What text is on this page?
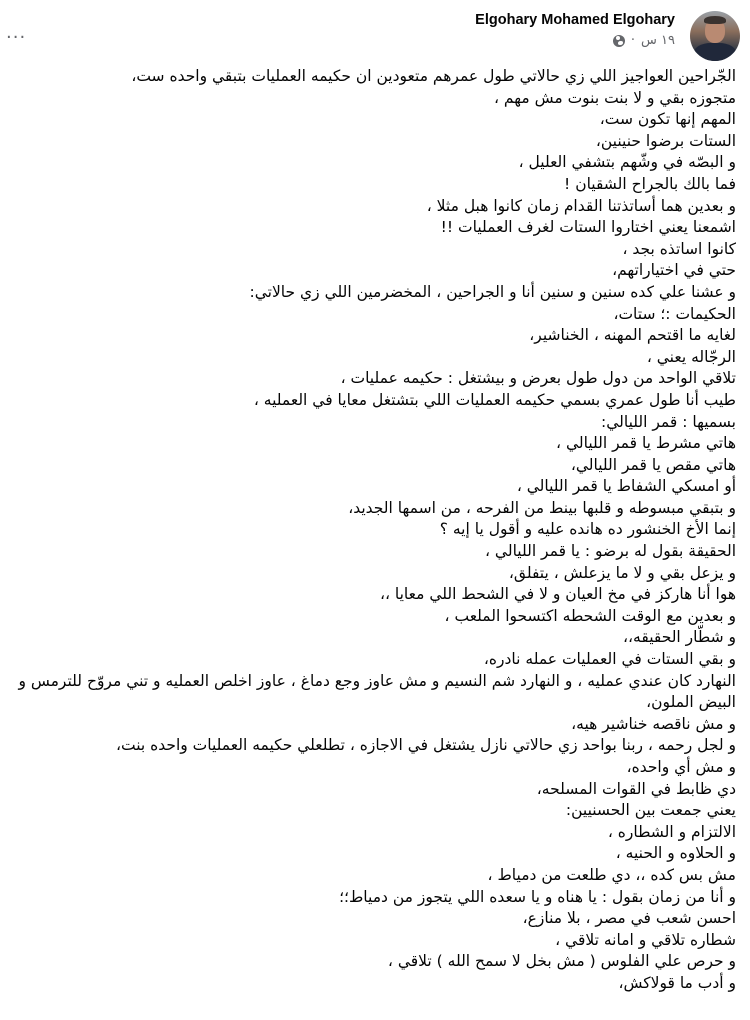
···
Elgohary Mohamed Elgohary
١٩ س
·
الجّراحين العواجيز اللي زي حالاتي طول عمرهم متعودين ان حكيمه العمليات بتبقي واحده ست،
متجوزه بقي و لا بنت بنوت مش مهم ،
المهم إنها تكون ست،
الستات برضوا حنينين،
و البصّه في وشّهم بتشفي العليل ،
فما بالك بالجراح الشقيان !
و بعدين هما أساتذتنا القدام زمان كانوا هبل مثلا ،
اشمعنا يعني اختاروا الستات لغرف العمليات !!
كانوا اساتذه بجد ،
حتي في اختياراتهم،
و عشنا علي كده سنين و سنين أنا و الجراحين ، المخضرمين اللي زي حالاتي:
الحكيمات :؛ ستات،
لغايه ما اقتحم المهنه ، الخناشير،
الرجّاله يعني ،
تلاقي الواحد من دول طول بعرض و بيشتغل : حكيمه عمليات ،
طيب أنا طول عمري بسمي حكيمه العمليات اللي بتشتغل معايا في العمليه ،
بسميها : قمر الليالي:
هاتي مشرط يا قمر الليالي ،
هاتي مقص يا قمر الليالي،
أو امسكي الشفاط يا قمر الليالي ،
و بتبقي مبسوطه و قلبها بينط من الفرحه ، من اسمها الجديد،
إنما الأخ الخنشور ده هانده عليه و أقول يا إيه ؟
الحقيقة بقول له برضو : يا قمر الليالي ،
و يزعل بقي و لا ما يزعلش ، يتفلق،
هوا أنا هاركز في مخ العيان و لا في الشحط اللي معايا ،،
و بعدين مع الوقت الشحطه اكتسحوا الملعب ،
و شطّار الحقيقه،،
و بقي الستات في العمليات عمله نادره،
النهارد كان عندي عمليه ، و النهارد شم النسيم و مش عاوز وجع دماغ ، عاوز اخلص العمليه و تني مروّح للترمس و البيض الملون،
و مش ناقصه خناشير هيه،
و لجل رحمه ، ربنا بواحد زي حالاتي نازل يشتغل في الاجازه ، تطلعلي حكيمه العمليات واحده بنت،
و مش أي واحده،
دي ظابط في القوات المسلحه،
يعني جمعت بين الحسنيين:
الالتزام و الشطاره ،
و الحلاوه و الحنيه ،
مش بس كده ،، دي طلعت من دمياط ،
و أنا من زمان بقول : يا هناه و يا سعده اللي يتجوز من دمياط؛؛
احسن شعب في مصر ، بلا منازع،
شطاره تلاقي و امانه تلاقي ،
و حرص علي الفلوس ( مش بخل لا سمح الله ) تلاقي ،
و أدب ما قولاكش،
